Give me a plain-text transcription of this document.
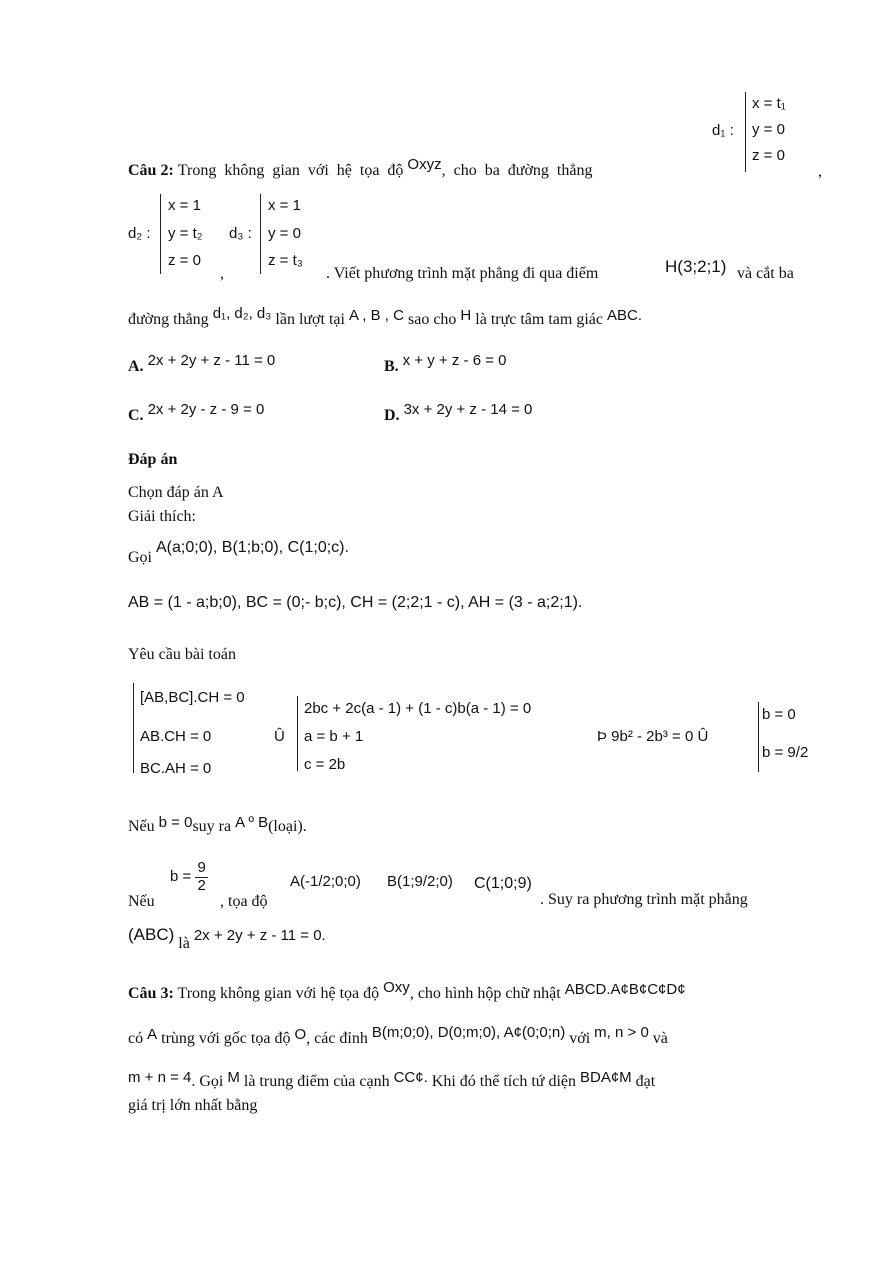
d₁ :
x = t₁
y = 0
z = 0
,
Câu 2: Trong không gian với hệ tọa độ Oxyz, cho ba đường thẳng
d₂ :
x = 1
y = t₂
z = 0
,
d₃ :
x = 1
y = 0
z = t₃
. Viết phương trình mặt phẳng đi qua điểm	H(3;2;1) và cắt ba
đường thẳng d₁, d₂, d₃ lần lượt tại A , B , C sao cho H là trực tâm tam giác ABC.
A. 2x + 2y + z - 11 = 0	B. x + y + z - 6 = 0
C. 2x + 2y - z - 9 = 0	D. 3x + 2y + z - 14 = 0
Đáp án
Chọn đáp án A
Giải thích:
Gọi A(a;0;0), B(1;b;0), C(1;0;c).
AB = (1 - a;b;0), BC = (0;- b;c), CH = (2;2;1 - c), AH = (3 - a;2;1).
Yêu cầu bài toán
[AB,BC].CH = 0
AB.CH = 0
BC.AH = 0
Û
2bc + 2c(a - 1) + (1 - c)b(a - 1) = 0
a = b + 1
c = 2b
Þ 9b² - 2b³ = 0 Û
b = 0
b = 9/2
Nếu b = 0suy ra A º B(loại).
Nếu
$b = \frac{9}{2}$
, tọa độ
A(-1/2;0;0) B(1;9/2;0) C(1;0;9)
. Suy ra phương trình mặt phẳng
(ABC) là 2x + 2y + z - 11 = 0.
Câu 3: Trong không gian với hệ tọa độ Oxy, cho hình hộp chữ nhật ABCD.A¢B¢C¢D¢
có A trùng với gốc tọa độ O, các đỉnh B(m;0;0), D(0;m;0), A¢(0;0;n) với m, n > 0 và
m + n = 4. Gọi M là trung điểm của cạnh CC¢. Khi đó thể tích tứ diện BDA¢M đạt
giá trị lớn nhất bằng
